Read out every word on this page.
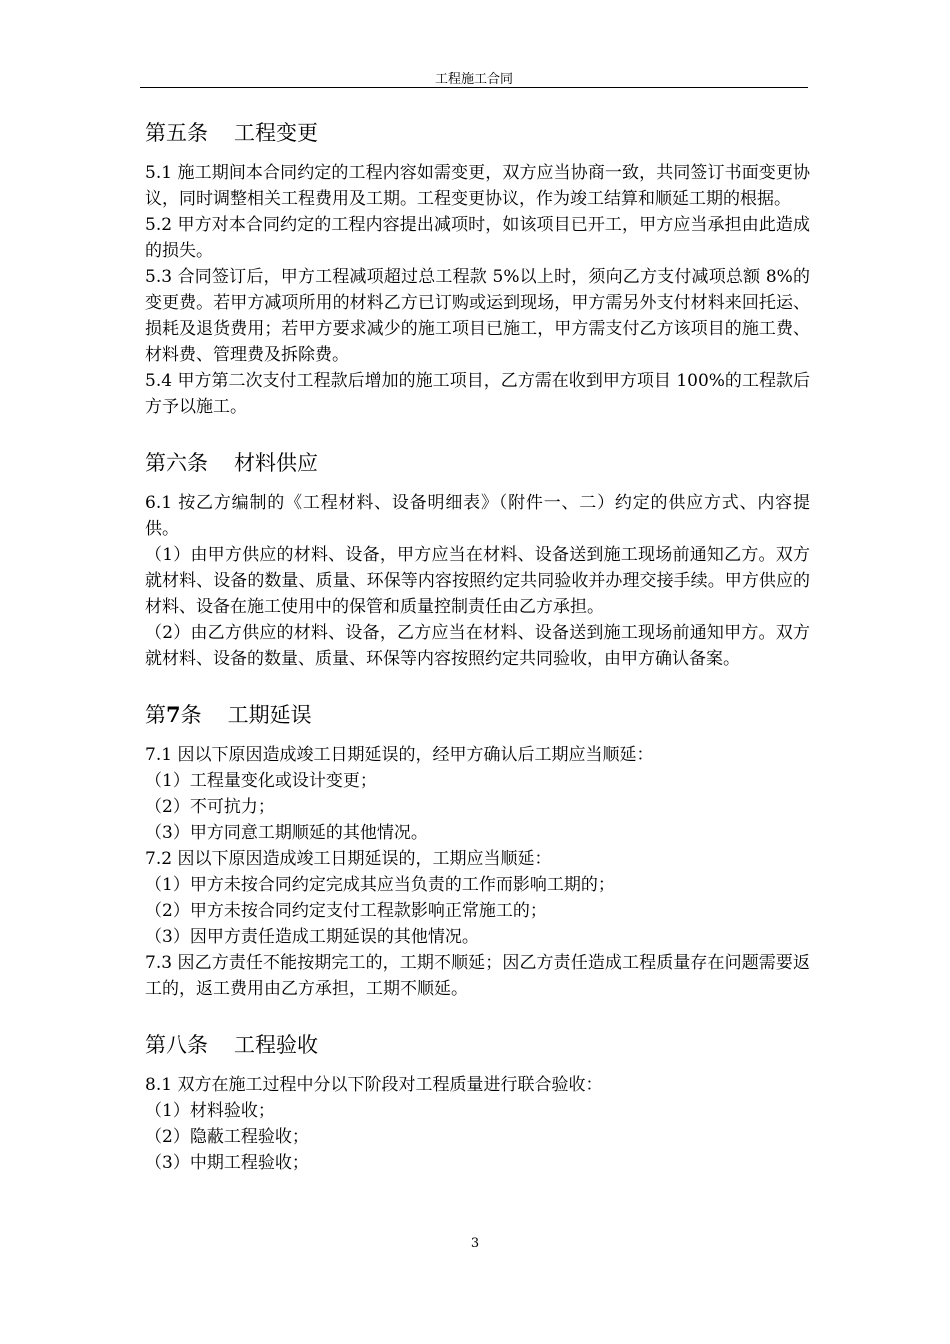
工程施工合同
第五条 工程变更

5.1 施工期间本合同约定的工程内容如需变更，双方应当协商一致，共同签订书面变更协议，同时调整相关工程费用及工期。工程变更协议，作为竣工结算和顺延工期的根据。

5.2 甲方对本合同约定的工程内容提出减项时，如该项目已开工，甲方应当承担由此造成的损失。

5.3 合同签订后，甲方工程减项超过总工程款 5%以上时，须向乙方支付减项总额 8%的变更费。若甲方减项所用的材料乙方已订购或运到现场，甲方需另外支付材料来回托运、损耗及退货费用；若甲方要求减少的施工项目已施工，甲方需支付乙方该项目的施工费、材料费、管理费及拆除费。

5.4 甲方第二次支付工程款后增加的施工项目，乙方需在收到甲方项目 100%的工程款后方予以施工。

第六条 材料供应

6.1 按乙方编制的《工程材料、设备明细表》（附件一、二）约定的供应方式、内容提供。

（1）由甲方供应的材料、设备，甲方应当在材料、设备送到施工现场前通知乙方。双方就材料、设备的数量、质量、环保等内容按照约定共同验收并办理交接手续。甲方供应的材料、设备在施工使用中的保管和质量控制责任由乙方承担。

（2）由乙方供应的材料、设备，乙方应当在材料、设备送到施工现场前通知甲方。双方就材料、设备的数量、质量、环保等内容按照约定共同验收，由甲方确认备案。

第7条 工期延误

7.1 因以下原因造成竣工日期延误的，经甲方确认后工期应当顺延：

（1）工程量变化或设计变更；

（2）不可抗力；

（3）甲方同意工期顺延的其他情况。

7.2 因以下原因造成竣工日期延误的，工期应当顺延：

（1）甲方未按合同约定完成其应当负责的工作而影响工期的；

（2）甲方未按合同约定支付工程款影响正常施工的；

（3）因甲方责任造成工期延误的其他情况。

7.3 因乙方责任不能按期完工的，工期不顺延；因乙方责任造成工程质量存在问题需要返工的，返工费用由乙方承担，工期不顺延。

第八条 工程验收

8.1 双方在施工过程中分以下阶段对工程质量进行联合验收：

（1）材料验收；

（2）隐蔽工程验收；

（3）中期工程验收；

3
